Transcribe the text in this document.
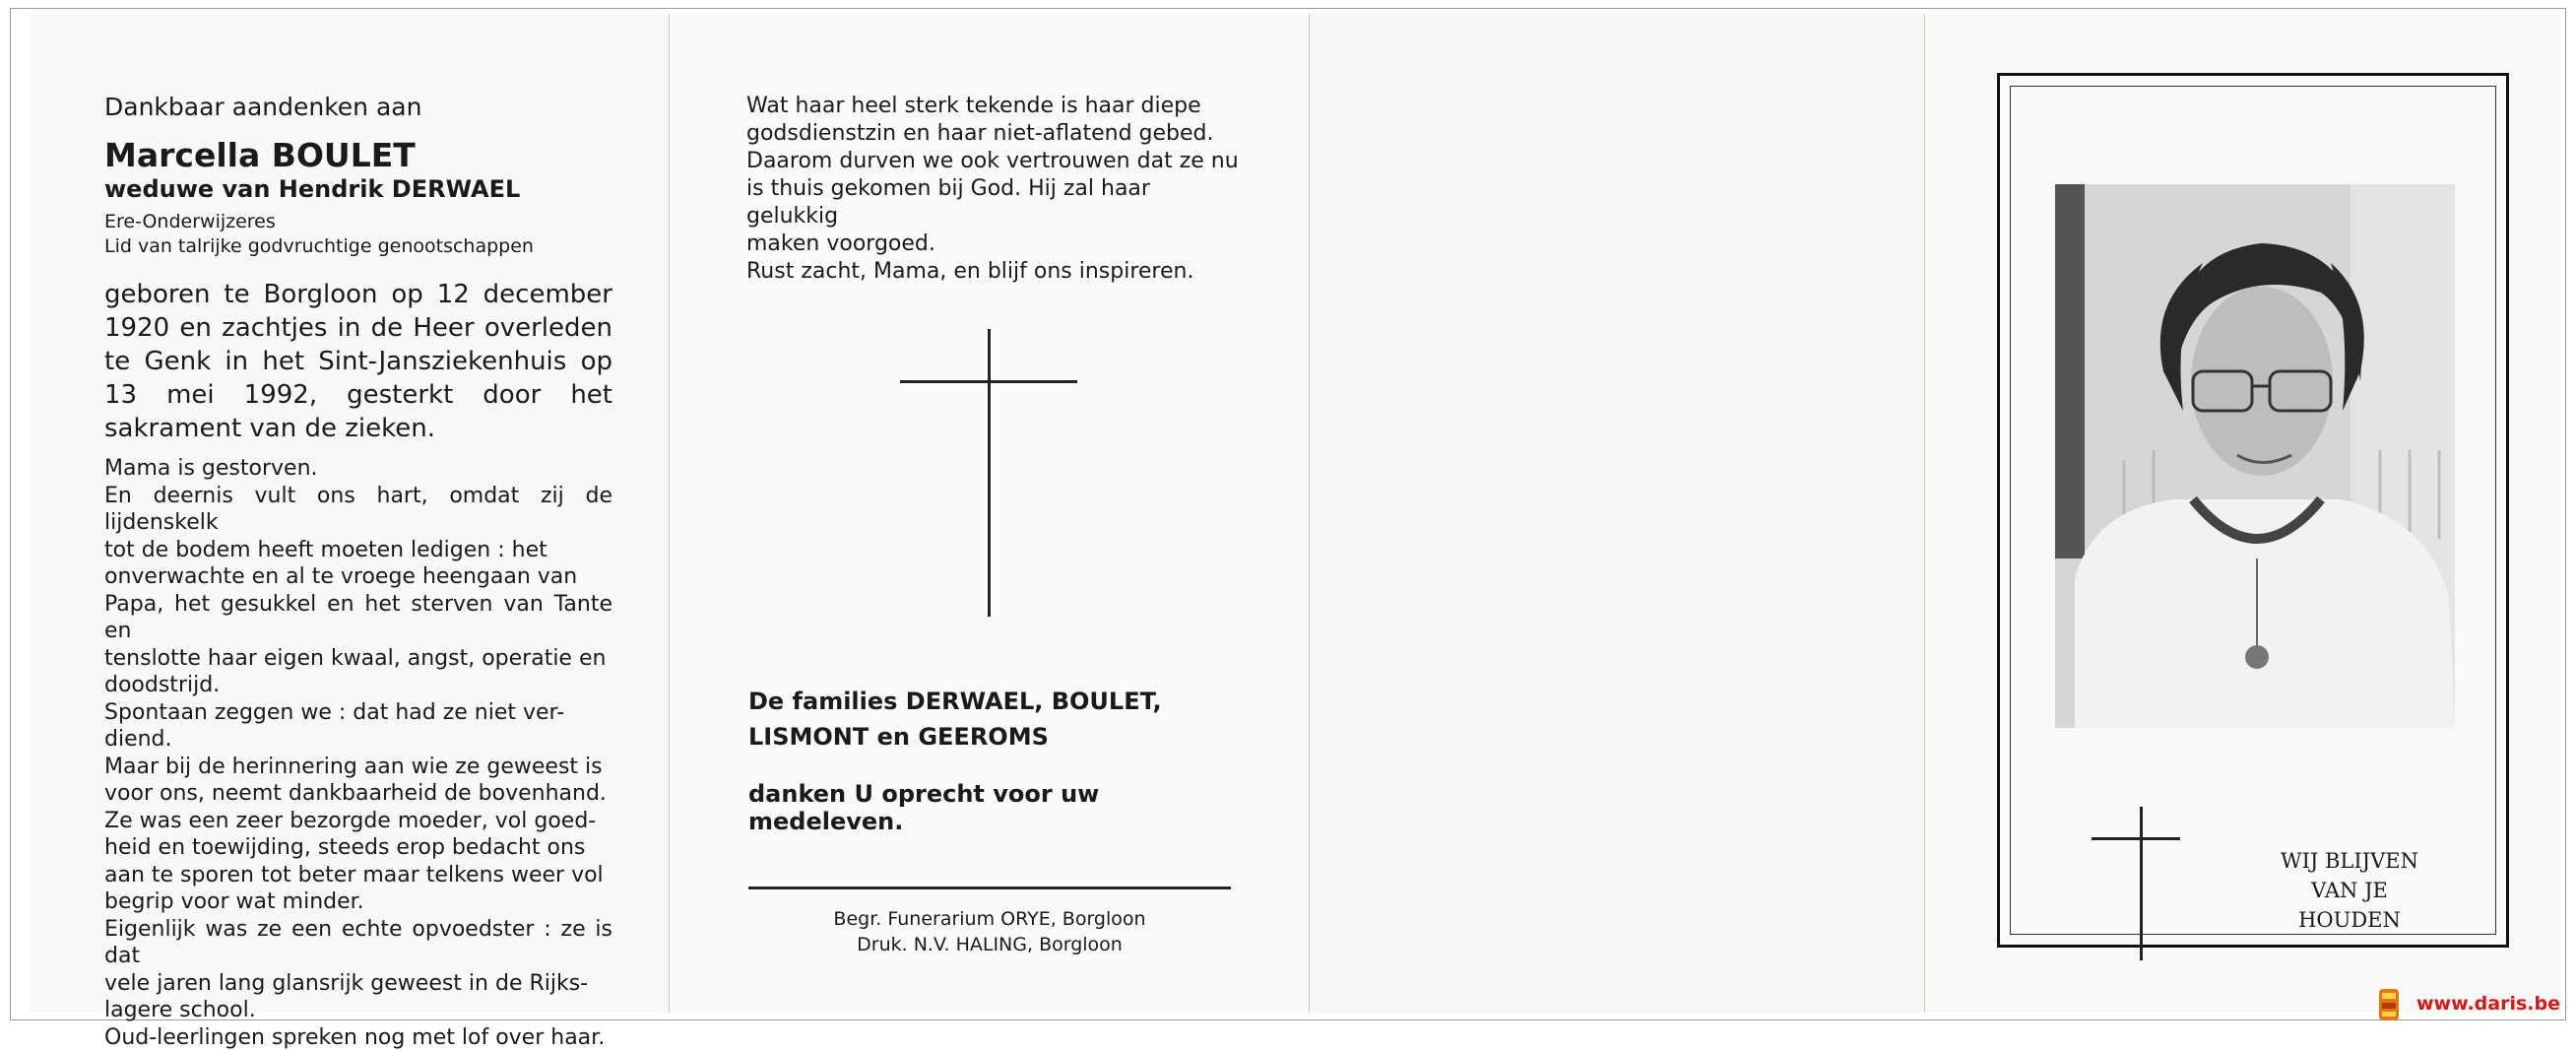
Dankbaar aandenken aan
Marcella BOULET
weduwe van Hendrik DERWAEL
Ere-Onderwijzeres
Lid van talrijke godvruchtige genootschappen
geboren te Borgloon op 12 december 1920 en zachtjes in de Heer overleden te Genk in het Sint-Jansziekenhuis op 13 mei 1992, gesterkt door het sakrament van de zieken.
Mama is gestorven.
En deernis vult ons hart, omdat zij de lijdenskelk
tot de bodem heeft moeten ledigen : het
onverwachte en al te vroege heengaan van
Papa, het gesukkel en het sterven van Tante en
tenslotte haar eigen kwaal, angst, operatie en
doodstrijd.
Spontaan zeggen we : dat had ze niet ver-
diend.
Maar bij de herinnering aan wie ze geweest is
voor ons, neemt dankbaarheid de bovenhand.
Ze was een zeer bezorgde moeder, vol goed-
heid en toewijding, steeds erop bedacht ons
aan te sporen tot beter maar telkens weer vol
begrip voor wat minder.
Eigenlijk was ze een echte opvoedster : ze is dat
vele jaren lang glansrijk geweest in de Rijks-
lagere school.
Oud-leerlingen spreken nog met lof over haar.
Wat haar heel sterk tekende is haar diepe
godsdienstzin en haar niet-aflatend gebed.
Daarom durven we ook vertrouwen dat ze nu
is thuis gekomen bij God. Hij zal haar gelukkig
maken voorgoed.
Rust zacht, Mama, en blijf ons inspireren.
De families DERWAEL, BOULET,
LISMONT en GEEROMS
danken U oprecht voor uw medeleven.
Begr. Funerarium ORYE, Borgloon
Druk. N.V. HALING, Borgloon
WIJ BLIJVEN
VAN JE
HOUDEN
www.daris.be
